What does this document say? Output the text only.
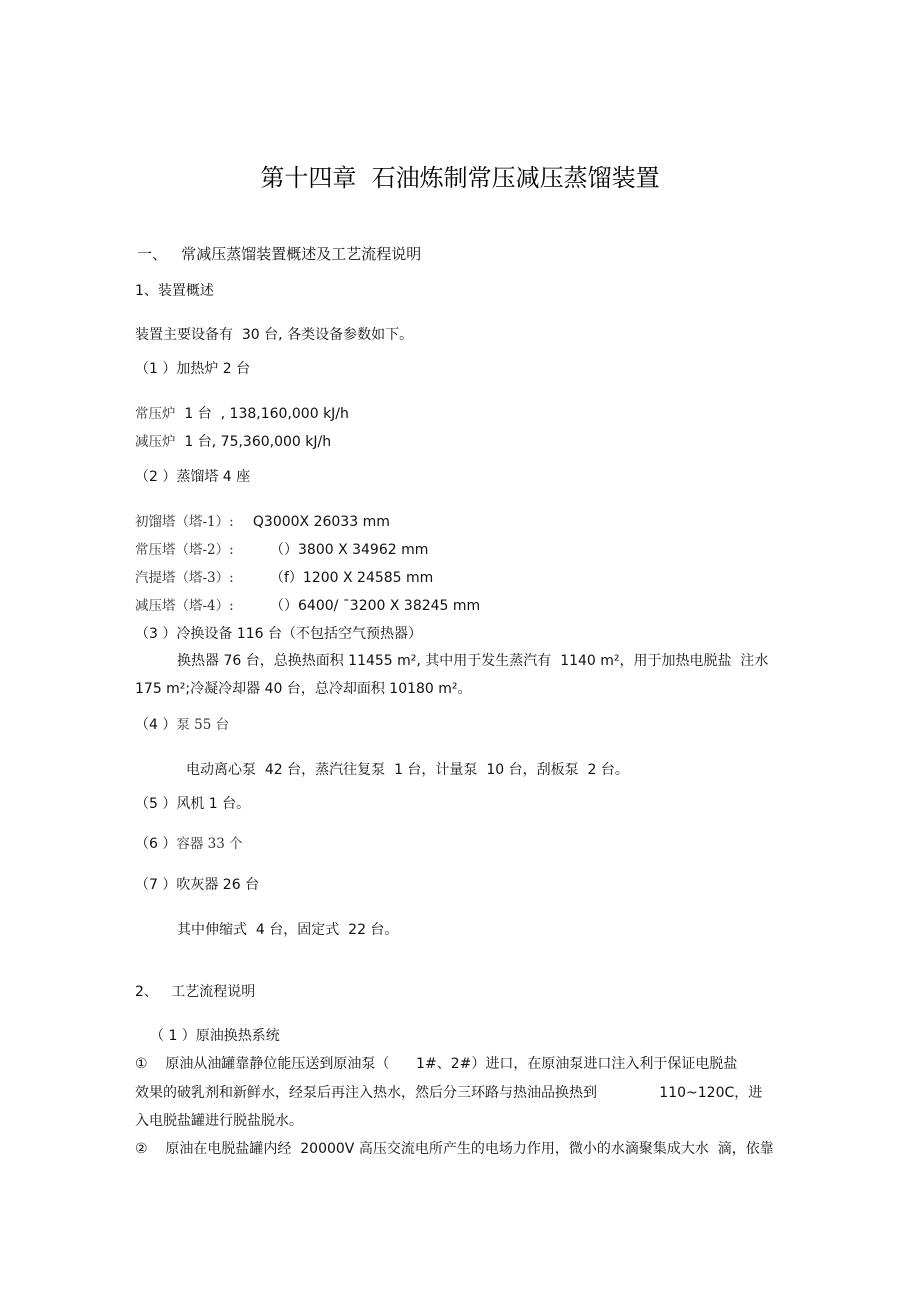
第十四章  石油炼制常压减压蒸馏装置
一、   常减压蒸馏装置概述及工艺流程说明
1、装置概述
装置主要设备有  30 台, 各类设备参数如下。
（1 ）加热炉 2 台
常压炉  1 台  , 138,160,000 kJ/h
减压炉  1 台, 75,360,000 kJ/h
（2 ）蒸馏塔 4 座
初馏塔（塔-1）: Q3000X 26033 mm
常压塔（塔-2）:	（）3800 X 34962 mm
汽提塔（塔-3）:	（f）1200 X 24585 mm
减压塔（塔-4）:	（）6400/ ˉ3200 X 38245 mm
（3 ）冷换设备 116 台（不包括空气预热器）
换热器 76 台，总换热面积 11455 m², 其中用于发生蒸汽有  1140 m²，用于加热电脱盐  注水
175 m²;冷凝冷却器 40 台，总冷却面积 10180 m²。
（4 ）泵 55 台
电动离心泵  42 台，蒸汽往复泵  1 台，计量泵  10 台，刮板泵  2 台。
（5 ）风机 1 台。
（6 ）容器 33 个
（7 ）吹灰器 26 台
其中伸缩式  4 台，固定式  22 台。
2、   工艺流程说明
（ 1 ）原油换热系统
①    原油从油罐靠静位能压送到原油泵（      1#、2#）进口，在原油泵进口注入利于保证电脱盐
效果的破乳剂和新鲜水，经泵后再注入热水，然后分三环路与热油品换热到              110~120C，进
入电脱盐罐进行脱盐脱水。
②    原油在电脱盐罐内经  20000V 高压交流电所产生的电场力作用，微小的水滴聚集成大水  滴，依靠
